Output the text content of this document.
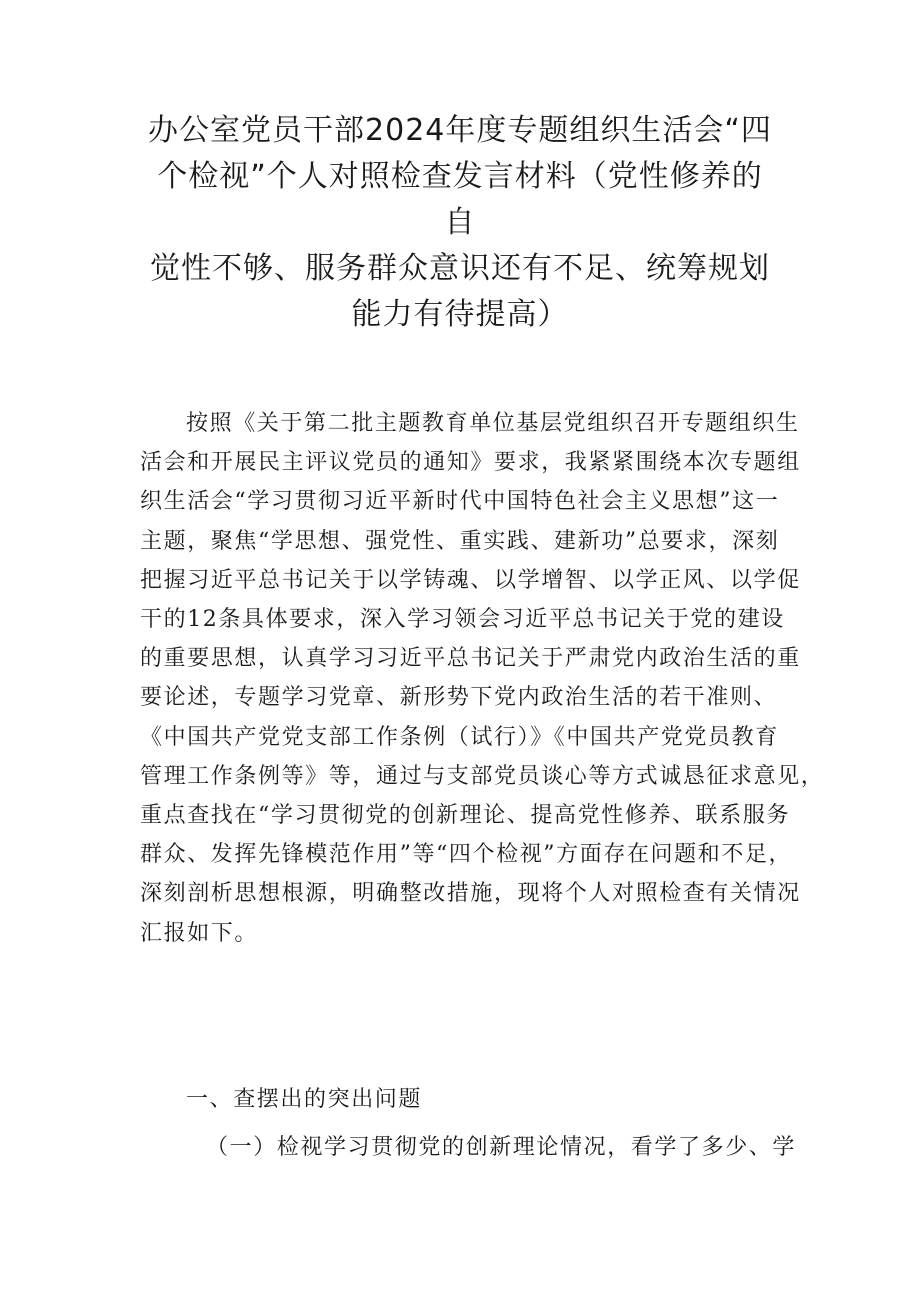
办公室党员干部2024年度专题组织生活会“四
个检视”个人对照检查发言材料（党性修养的
自
觉性不够、服务群众意识还有不足、统筹规划
能力有待提高）
按照《关于第二批主题教育单位基层党组织召开专题组织生
活会和开展民主评议党员的通知》要求，我紧紧围绕本次专题组
织生活会“学习贯彻习近平新时代中国特色社会主义思想”这一
主题，聚焦“学思想、强党性、重实践、建新功”总要求，深刻
把握习近平总书记关于以学铸魂、以学增智、以学正风、以学促
干的12条具体要求，深入学习领会习近平总书记关于党的建设
的重要思想，认真学习习近平总书记关于严肃党内政治生活的重
要论述，专题学习党章、新形势下党内政治生活的若干准则、
《中国共产党党支部工作条例（试行）》《中国共产党党员教育
管理工作条例等》等，通过与支部党员谈心等方式诚恳征求意见，
重点查找在“学习贯彻党的创新理论、提高党性修养、联系服务
群众、发挥先锋模范作用”等“四个检视”方面存在问题和不足，
深刻剖析思想根源，明确整改措施，现将个人对照检查有关情况
汇报如下。
一、查摆出的突出问题
（一）检视学习贯彻党的创新理论情况，看学了多少、学
